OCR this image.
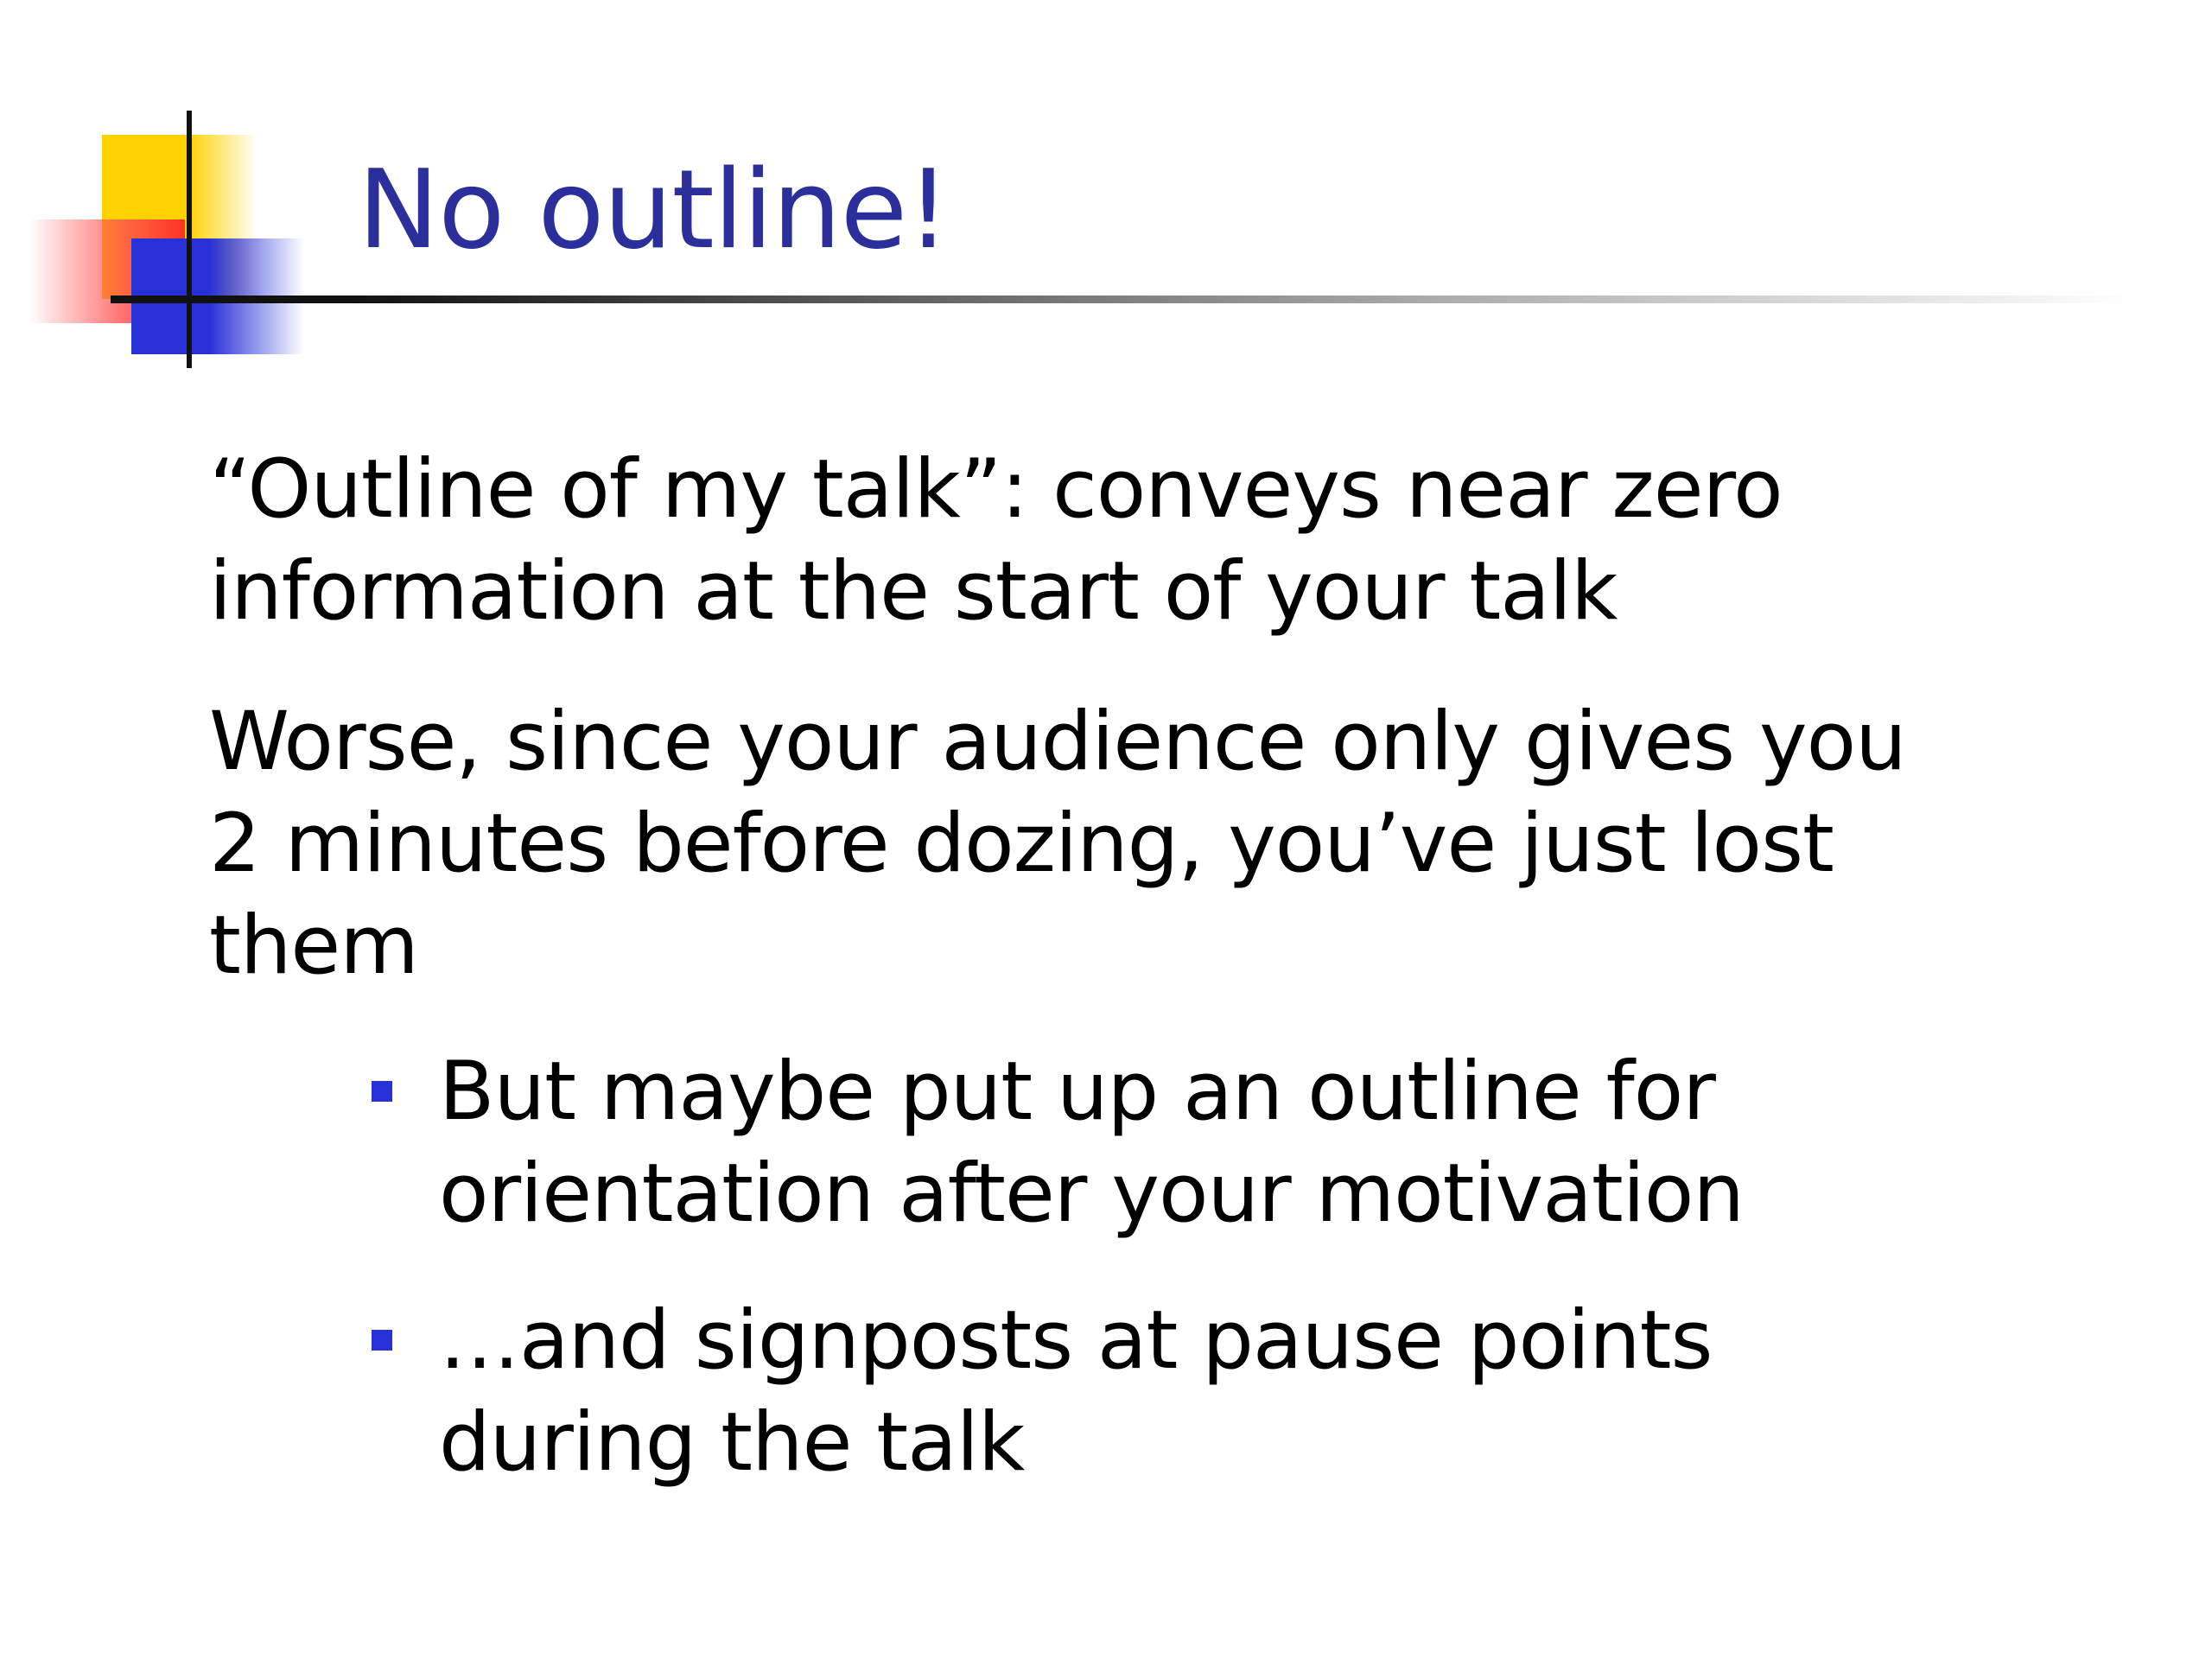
No outline!

“Outline of my talk”: conveys near zero information at the start of your talk

Worse, since your audience only gives you 2 minutes before dozing, you’ve just lost them

But maybe put up an outline for orientation after your motivation
…and signposts at pause points during the talk
